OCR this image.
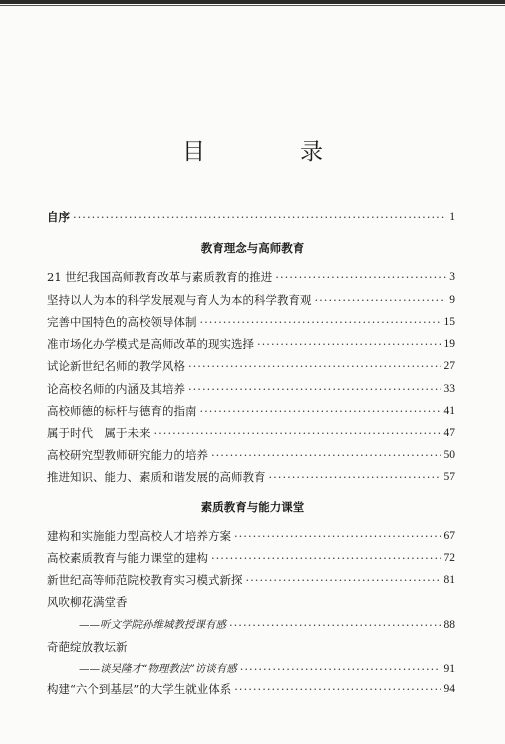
目　录
自序 ·····	1
教育理念与高师教育
21 世纪我国高师教育改革与素质教育的推进 ·····	3
坚持以人为本的科学发展观与育人为本的科学教育观 ·····	9
完善中国特色的高校领导体制 ·····	15
准市场化办学模式是高师改革的现实选择 ·····	19
试论新世纪名师的教学风格 ·····	27
论高校名师的内涵及其培养 ·····	33
高校师德的标杆与德育的指南 ·····	41
属于时代　属于未来 ·····	47
高校研究型教师研究能力的培养 ·····	50
推进知识、能力、素质和谐发展的高师教育 ·····	57
素质教育与能力课堂
建构和实施能力型高校人才培养方案 ·····	67
高校素质教育与能力课堂的建构 ·····	72
新世纪高等师范院校教育实习模式新探 ·····	81
风吹柳花满堂香
——听文学院孙维城教授课有感 ·····	88
奇葩绽放教坛新
——谈吴隆才“物理教法”访谈有感 ·····	91
构建“六个到基层”的大学生就业体系 ·····	94
